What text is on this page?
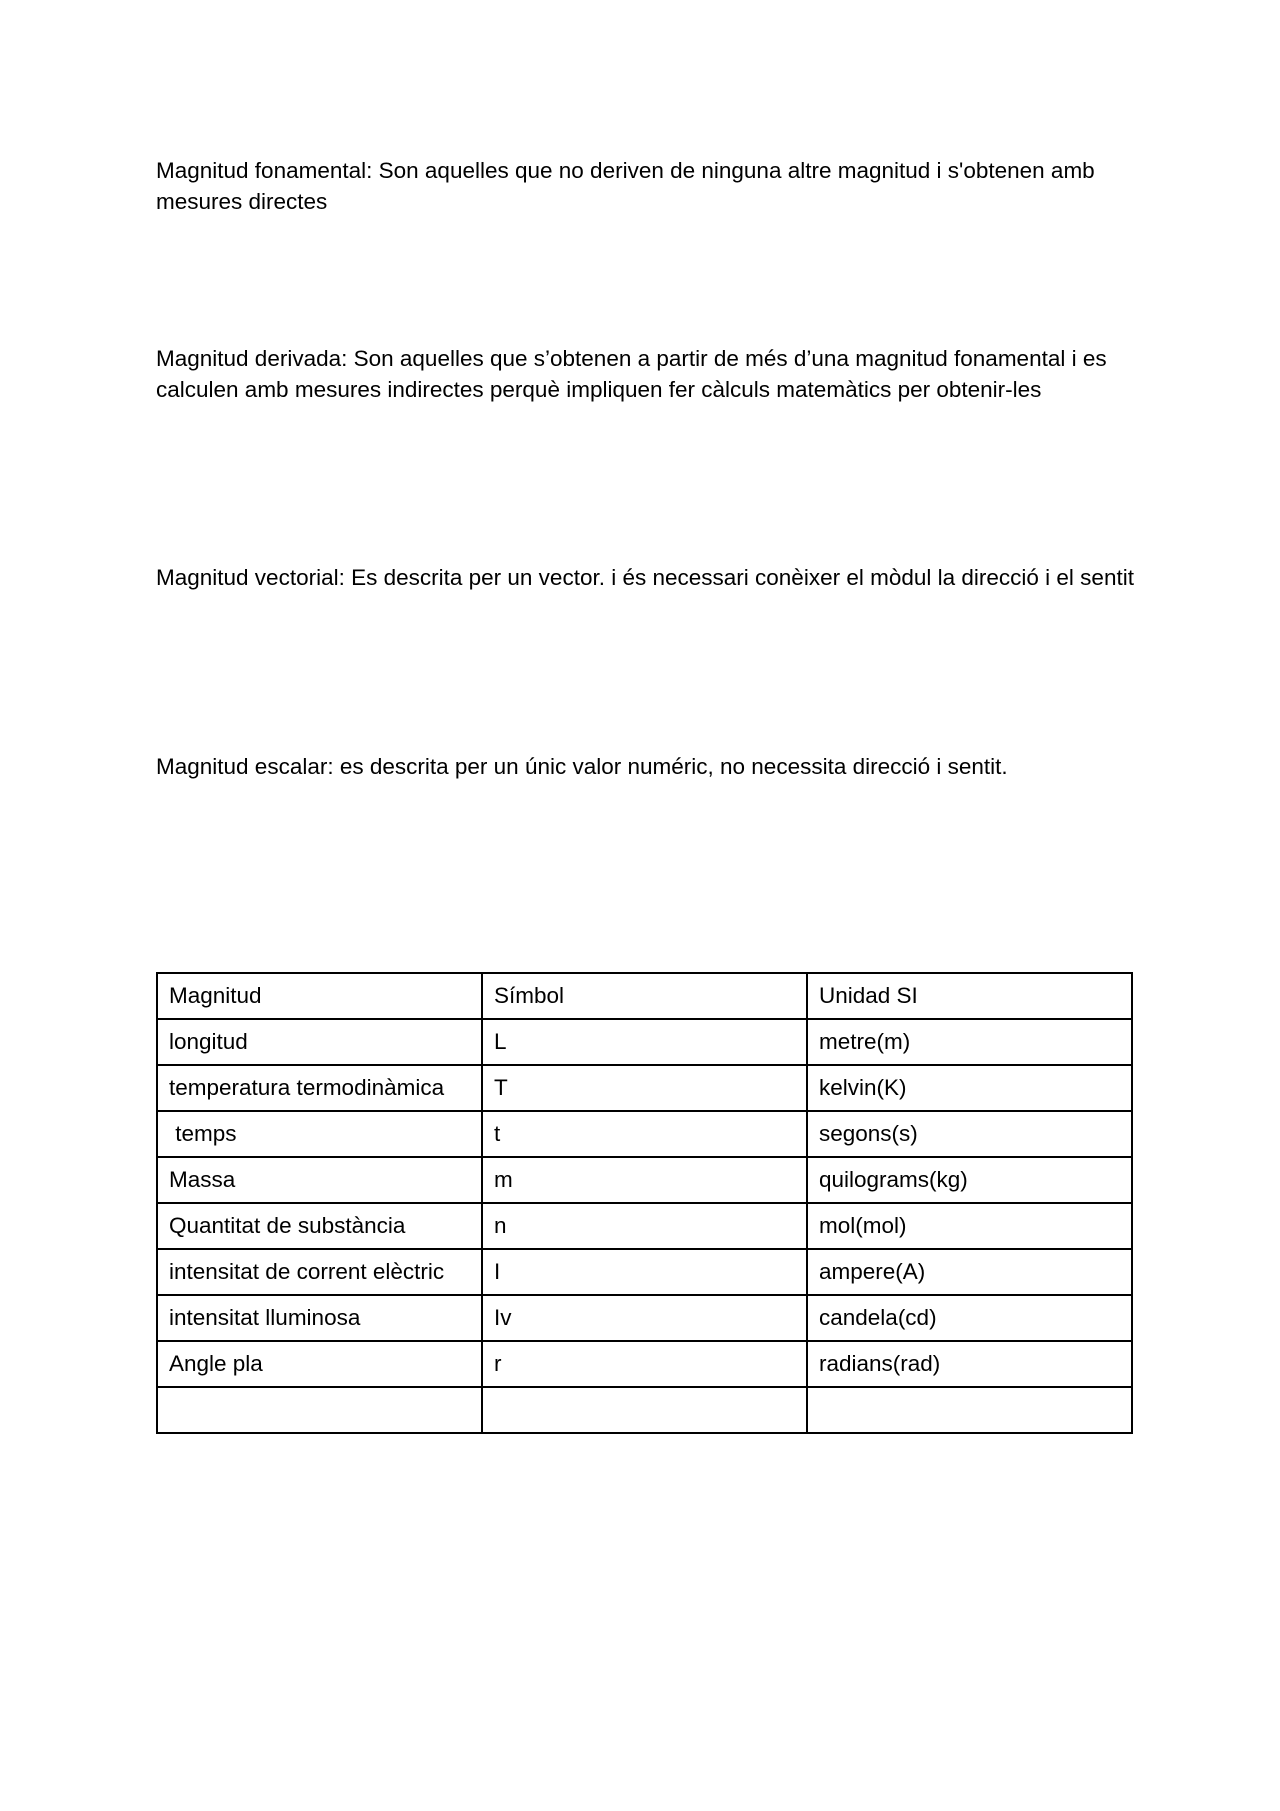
Magnitud fonamental: Son aquelles que no deriven de ninguna altre magnitud i s'obtenen amb mesures directes

Magnitud derivada: Son aquelles que s’obtenen a partir de més d’una magnitud fonamental i es calculen amb mesures indirectes perquè impliquen fer càlculs matemàtics per obtenir-les

Magnitud vectorial: Es descrita per un vector. i és necessari conèixer el mòdul la direcció i el sentit

Magnitud escalar: es descrita per un únic valor numéric, no necessita direcció i sentit.

Magnitud	Símbol	Unidad SI
longitud	L	metre(m)
temperatura termodinàmica	T	kelvin(K)
temps	t	segons(s)
Massa	m	quilograms(kg)
Quantitat de substància	n	mol(mol)
intensitat de corrent elèctric	I	ampere(A)
intensitat lluminosa	Iv	candela(cd)
Angle pla	r	radians(rad)
